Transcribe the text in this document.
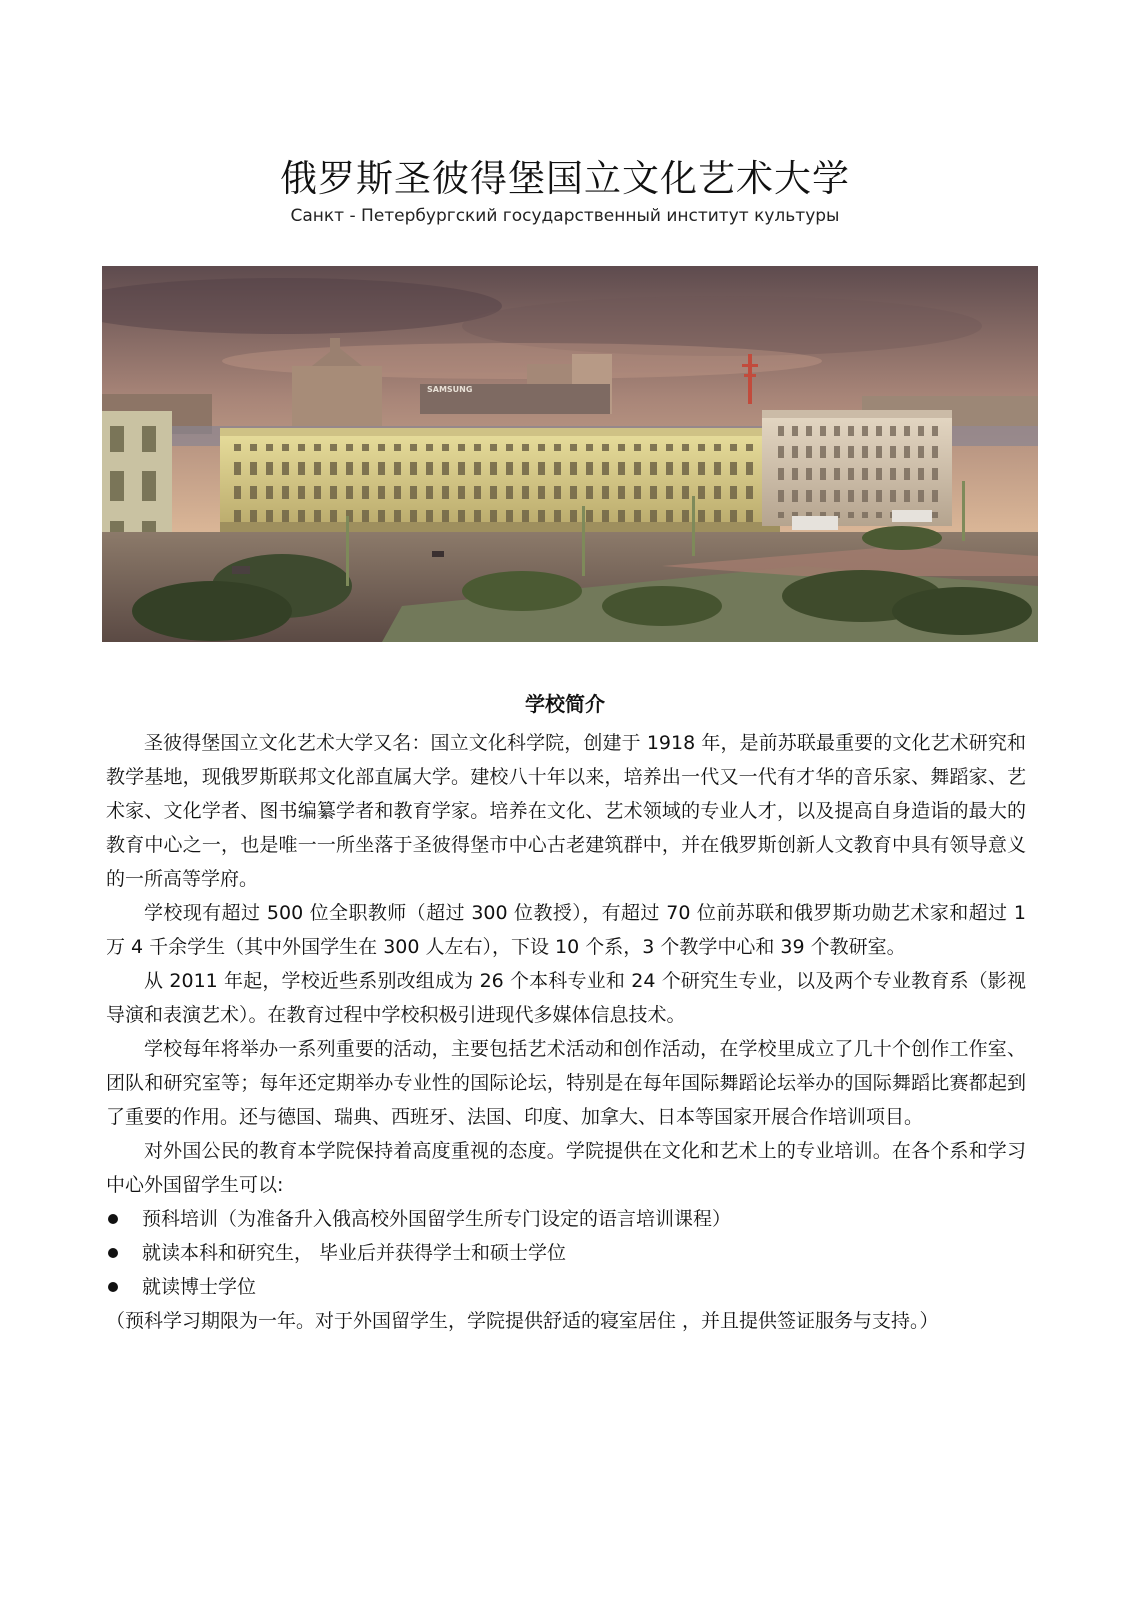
俄罗斯圣彼得堡国立文化艺术大学
Санкт - Петербургский государственный институт культуры
SAMSUNG
学校简介

圣彼得堡国立文化艺术大学又名：国立文化科学院，创建于 1918 年，是前苏联最重要的文化艺术研究和教学基地，现俄罗斯联邦文化部直属大学。建校八十年以来，培养出一代又一代有才华的音乐家、舞蹈家、艺术家、文化学者、图书编纂学者和教育学家。培养在文化、艺术领域的专业人才，以及提高自身造诣的最大的教育中心之一，也是唯一一所坐落于圣彼得堡市中心古老建筑群中，并在俄罗斯创新人文教育中具有领导意义的一所高等学府。

学校现有超过 500 位全职教师（超过 300 位教授），有超过 70 位前苏联和俄罗斯功勋艺术家和超过 1 万 4 千余学生（其中外国学生在 300 人左右），下设 10 个系，3 个教学中心和 39 个教研室。

从 2011 年起，学校近些系别改组成为 26 个本科专业和 24 个研究生专业，以及两个专业教育系（影视导演和表演艺术）。在教育过程中学校积极引进现代多媒体信息技术。

学校每年将举办一系列重要的活动，主要包括艺术活动和创作活动，在学校里成立了几十个创作工作室、团队和研究室等；每年还定期举办专业性的国际论坛，特别是在每年国际舞蹈论坛举办的国际舞蹈比赛都起到了重要的作用。还与德国、瑞典、西班牙、法国、印度、加拿大、日本等国家开展合作培训项目。

对外国公民的教育本学院保持着高度重视的态度。学院提供在文化和艺术上的专业培训。在各个系和学习中心外国留学生可以:

预科培训（为准备升入俄高校外国留学生所专门设定的语言培训课程）
就读本科和研究生， 毕业后并获得学士和硕士学位
就读博士学位

（预科学习期限为一年。对于外国留学生，学院提供舒适的寝室居住 ，并且提供签证服务与支持。）
